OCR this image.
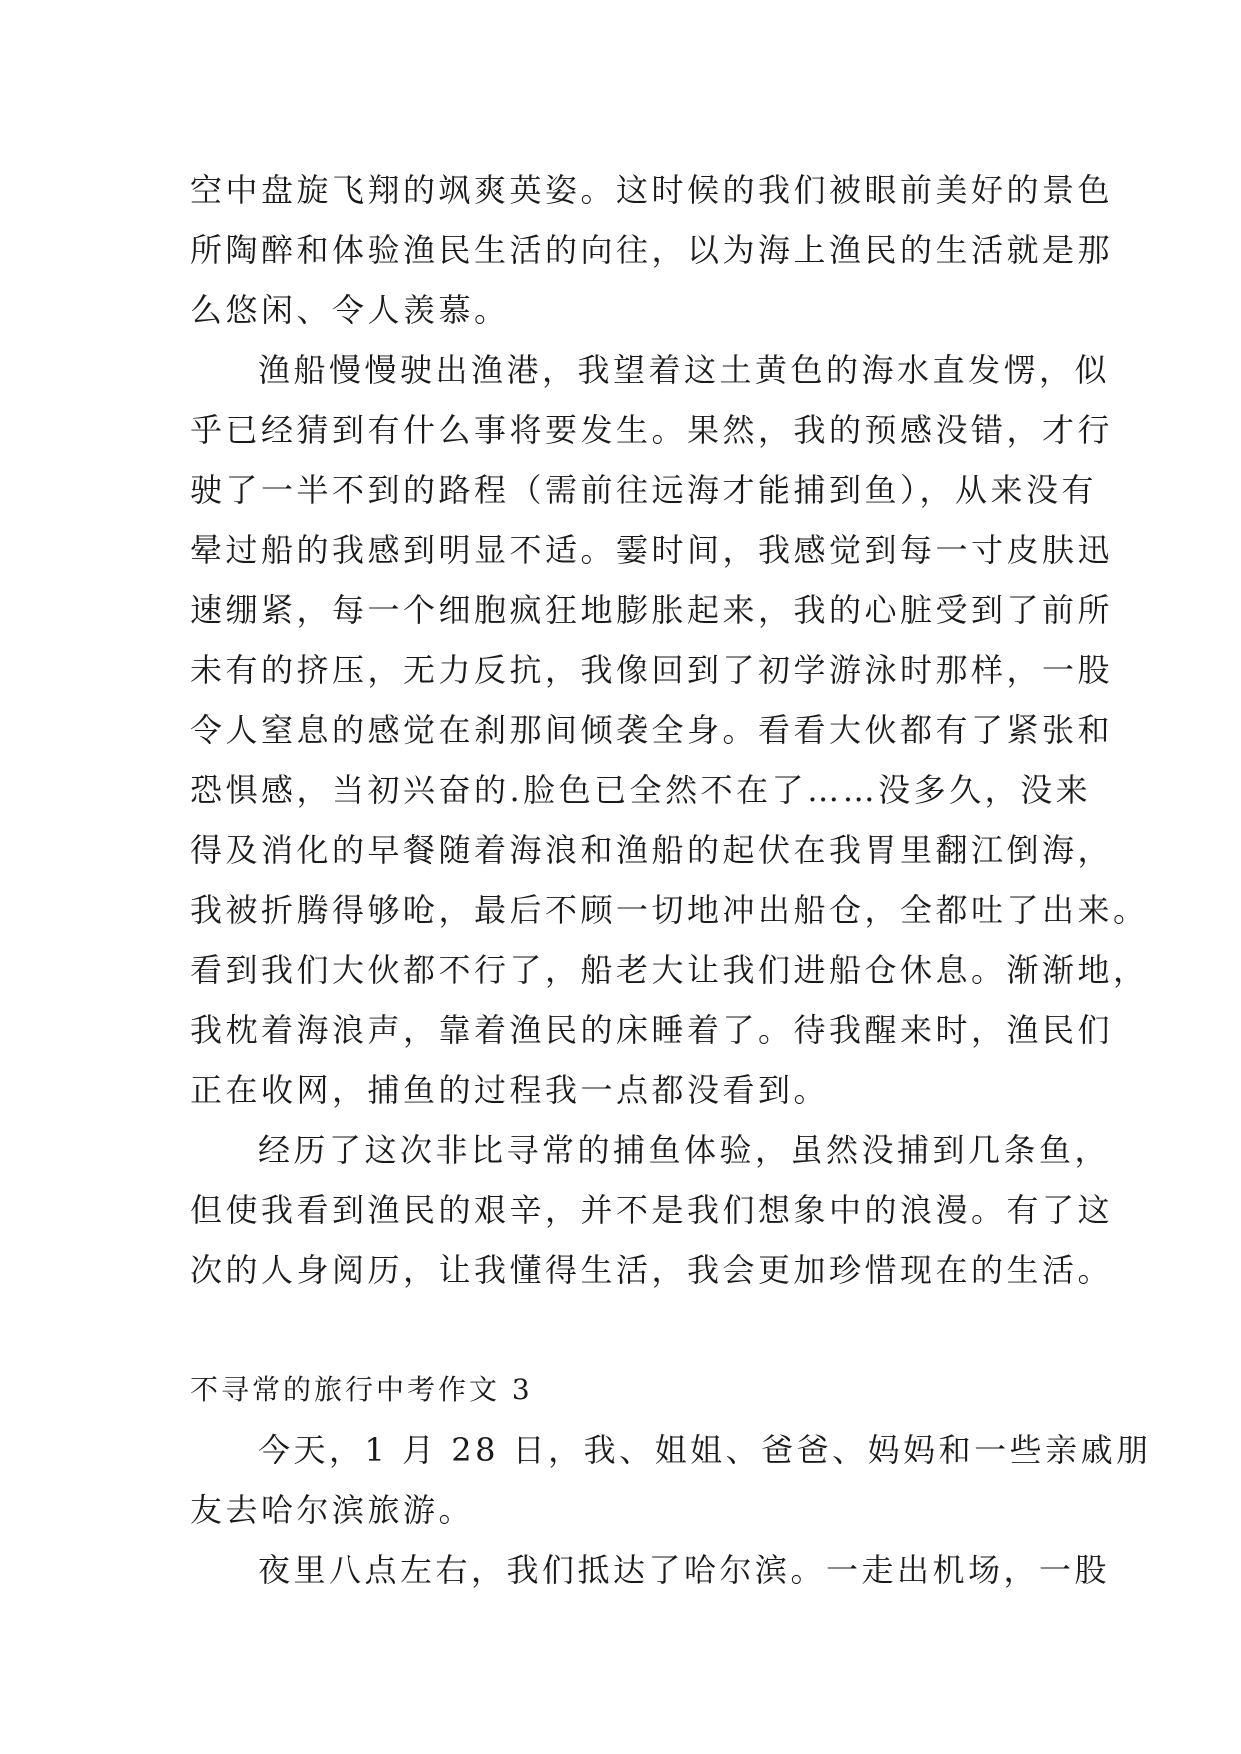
空中盘旋飞翔的飒爽英姿。这时候的我们被眼前美好的景色
所陶醉和体验渔民生活的向往，以为海上渔民的生活就是那
么悠闲、令人羡慕。
渔船慢慢驶出渔港，我望着这土黄色的海水直发愣，似
乎已经猜到有什么事将要发生。果然，我的预感没错，才行
驶了一半不到的路程（需前往远海才能捕到鱼），从来没有
晕过船的我感到明显不适。霎时间，我感觉到每一寸皮肤迅
速绷紧，每一个细胞疯狂地膨胀起来，我的心脏受到了前所
未有的挤压，无力反抗，我像回到了初学游泳时那样，一股
令人窒息的感觉在刹那间倾袭全身。看看大伙都有了紧张和
恐惧感，当初兴奋的.脸色已全然不在了……没多久，没来
得及消化的早餐随着海浪和渔船的起伏在我胃里翻江倒海，
我被折腾得够呛，最后不顾一切地冲出船仓，全都吐了出来。
看到我们大伙都不行了，船老大让我们进船仓休息。渐渐地，
我枕着海浪声，靠着渔民的床睡着了。待我醒来时，渔民们
正在收网，捕鱼的过程我一点都没看到。
经历了这次非比寻常的捕鱼体验，虽然没捕到几条鱼，
但使我看到渔民的艰辛，并不是我们想象中的浪漫。有了这
次的人身阅历，让我懂得生活，我会更加珍惜现在的生活。
不寻常的旅行中考作文 3
今天，1 月 28 日，我、姐姐、爸爸、妈妈和一些亲戚朋
友去哈尔滨旅游。
夜里八点左右，我们抵达了哈尔滨。一走出机场，一股
